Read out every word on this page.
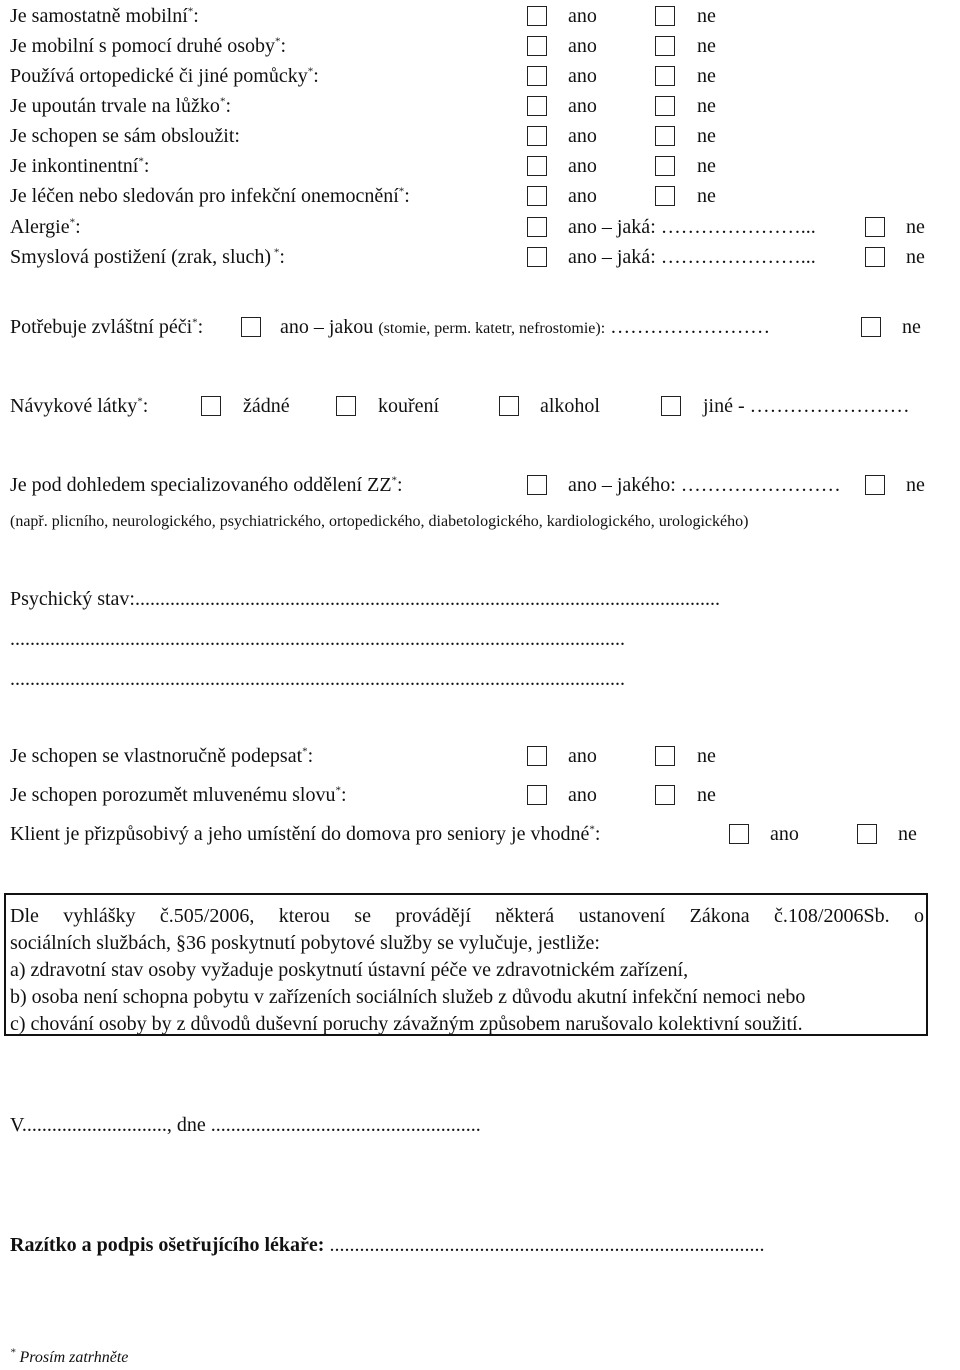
Je samostatně mobilní*:	ano	ne
Je mobilní s pomocí druhé osoby*:	ano	ne
Používá ortopedické či jiné pomůcky*:	ano	ne
Je upoután trvale na lůžko*:	ano	ne
Je schopen se sám obsloužit:	ano	ne
Je inkontinentní*:	ano	ne
Je léčen nebo sledován pro infekční onemocnění*:	ano	ne
Alergie*:	ano – jaká: …………………...	ne
Smyslová postižení (zrak, sluch) *:	ano – jaká: …………………...	ne
Potřebuje zvláštní péči*:	ano – jakou (stomie, perm. katetr, nefrostomie): ……………………	ne
Návykové látky*:	žádné	kouření	alkohol	jiné - ……………………
Je pod dohledem specializovaného oddělení ZZ*:	ano – jakého: ……………………	ne
(např. plicního, neurologického, psychiatrického, ortopedického, diabetologického, kardiologického, urologického)
Psychický stav:.....................................................................................................................
...........................................................................................................................
...........................................................................................................................
Je schopen se vlastnoručně podepsat*:	ano	ne
Je schopen porozumět mluvenému slovu*:	ano	ne
Klient je přizpůsobivý a jeho umístění do domova pro seniory je vhodné*:	ano	ne
Dle vyhlášky č.505/2006, kterou se provádějí některá ustanovení Zákona č.108/2006Sb. o
sociálních službách, §36 poskytnutí pobytové služby se vylučuje, jestliže:
a) zdravotní stav osoby vyžaduje poskytnutí ústavní péče ve zdravotnickém zařízení,
b) osoba není schopna pobytu v zařízeních sociálních služeb z důvodu akutní infekční nemoci nebo
c) chování osoby by z důvodů duševní poruchy závažným způsobem narušovalo kolektivní soužití.
V............................., dne ......................................................
Razítko a podpis ošetřujícího lékaře: .......................................................................................
* Prosím zatrhněte
